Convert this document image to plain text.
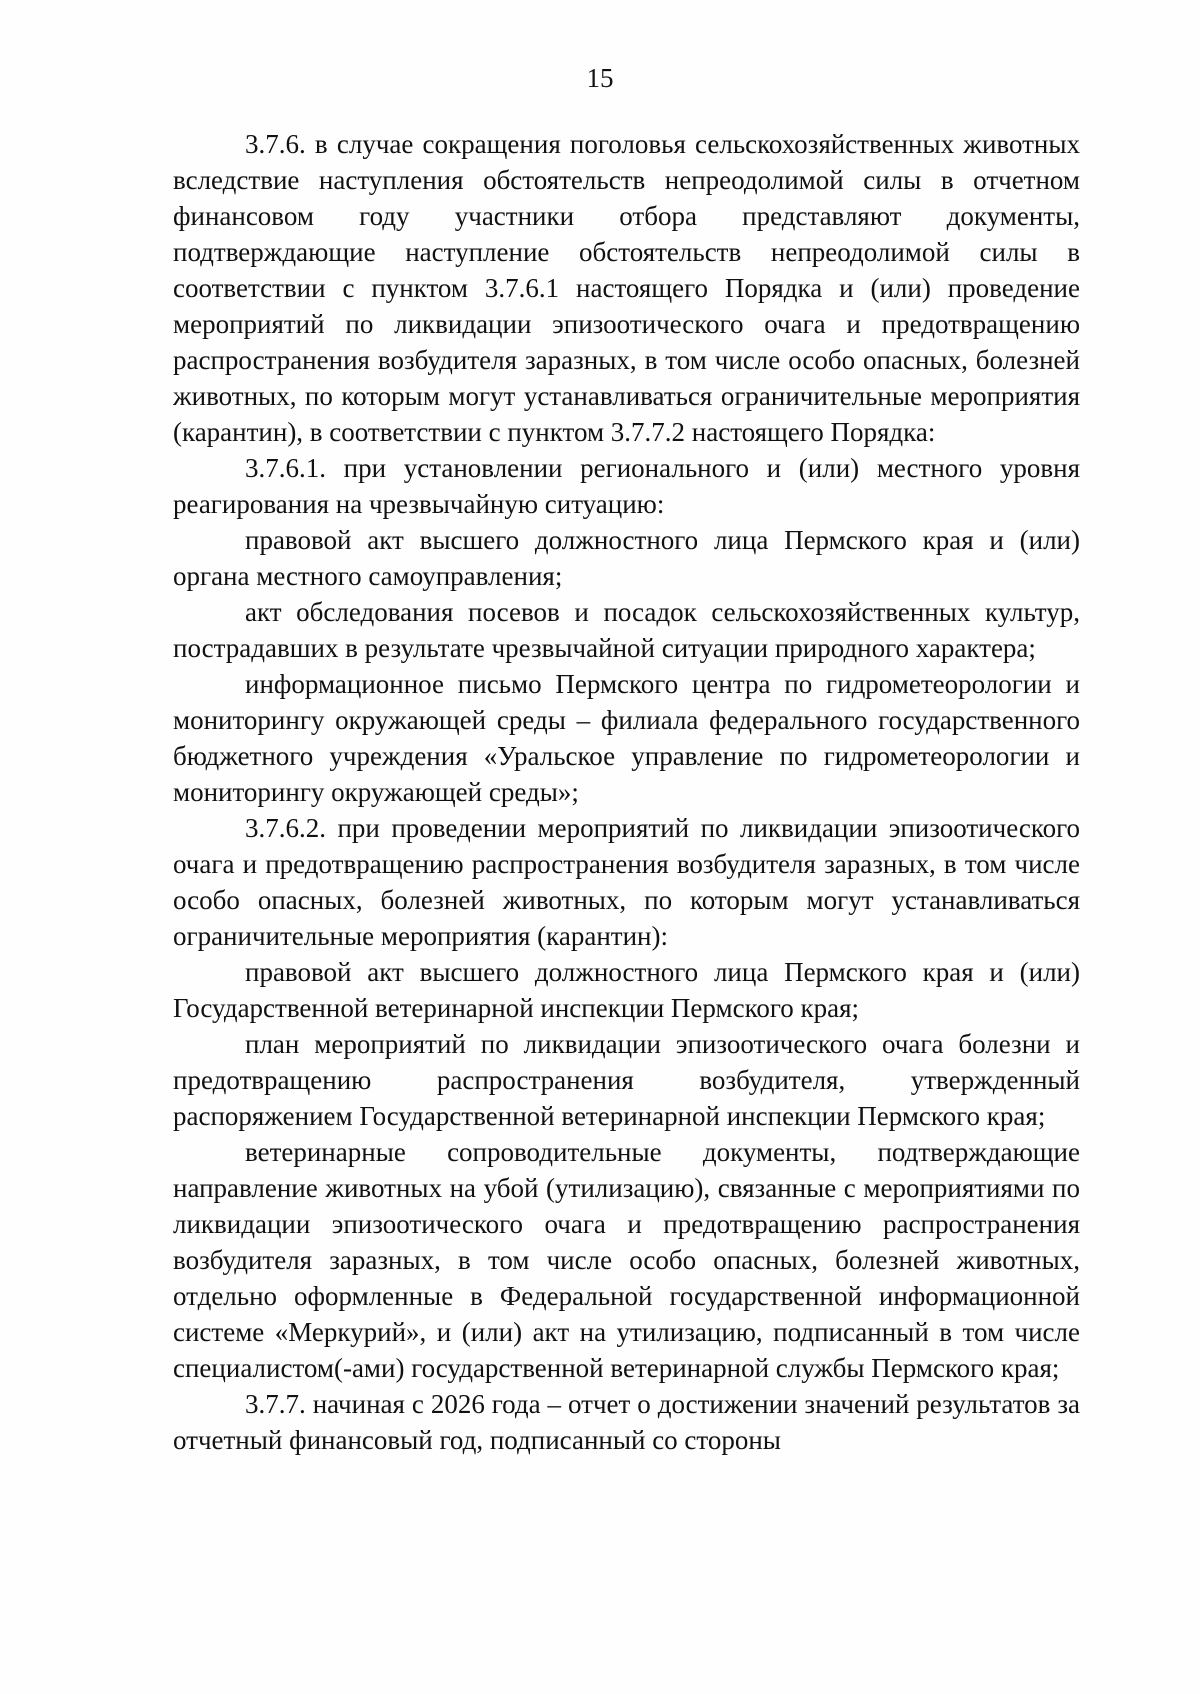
15

3.7.6. в случае сокращения поголовья сельскохозяйственных животных вследствие наступления обстоятельств непреодолимой силы в отчетном финансовом году участники отбора представляют документы, подтверждающие наступление обстоятельств непреодолимой силы в соответствии с пунктом 3.7.6.1 настоящего Порядка и (или) проведение мероприятий по ликвидации эпизоотического очага и предотвращению распространения возбудителя заразных, в том числе особо опасных, болезней животных, по которым могут устанавливаться ограничительные мероприятия (карантин), в соответствии с пунктом 3.7.7.2 настоящего Порядка:

3.7.6.1. при установлении регионального и (или) местного уровня реагирования на чрезвычайную ситуацию:

правовой акт высшего должностного лица Пермского края и (или) органа местного самоуправления;

акт обследования посевов и посадок сельскохозяйственных культур, пострадавших в результате чрезвычайной ситуации природного характера;

информационное письмо Пермского центра по гидрометеорологии и мониторингу окружающей среды – филиала федерального государственного бюджетного учреждения «Уральское управление по гидрометеорологии и мониторингу окружающей среды»;

3.7.6.2. при проведении мероприятий по ликвидации эпизоотического очага и предотвращению распространения возбудителя заразных, в том числе особо опасных, болезней животных, по которым могут устанавливаться ограничительные мероприятия (карантин):

правовой акт высшего должностного лица Пермского края и (или) Государственной ветеринарной инспекции Пермского края;

план мероприятий по ликвидации эпизоотического очага болезни и предотвращению распространения возбудителя, утвержденный распоряжением Государственной ветеринарной инспекции Пермского края;

ветеринарные сопроводительные документы, подтверждающие направление животных на убой (утилизацию), связанные с мероприятиями по ликвидации эпизоотического очага и предотвращению распространения возбудителя заразных, в том числе особо опасных, болезней животных, отдельно оформленные в Федеральной государственной информационной системе «Меркурий», и (или) акт на утилизацию, подписанный в том числе специалистом(-ами) государственной ветеринарной службы Пермского края;

3.7.7. начиная с 2026 года – отчет о достижении значений результатов за отчетный финансовый год, подписанный со стороны
